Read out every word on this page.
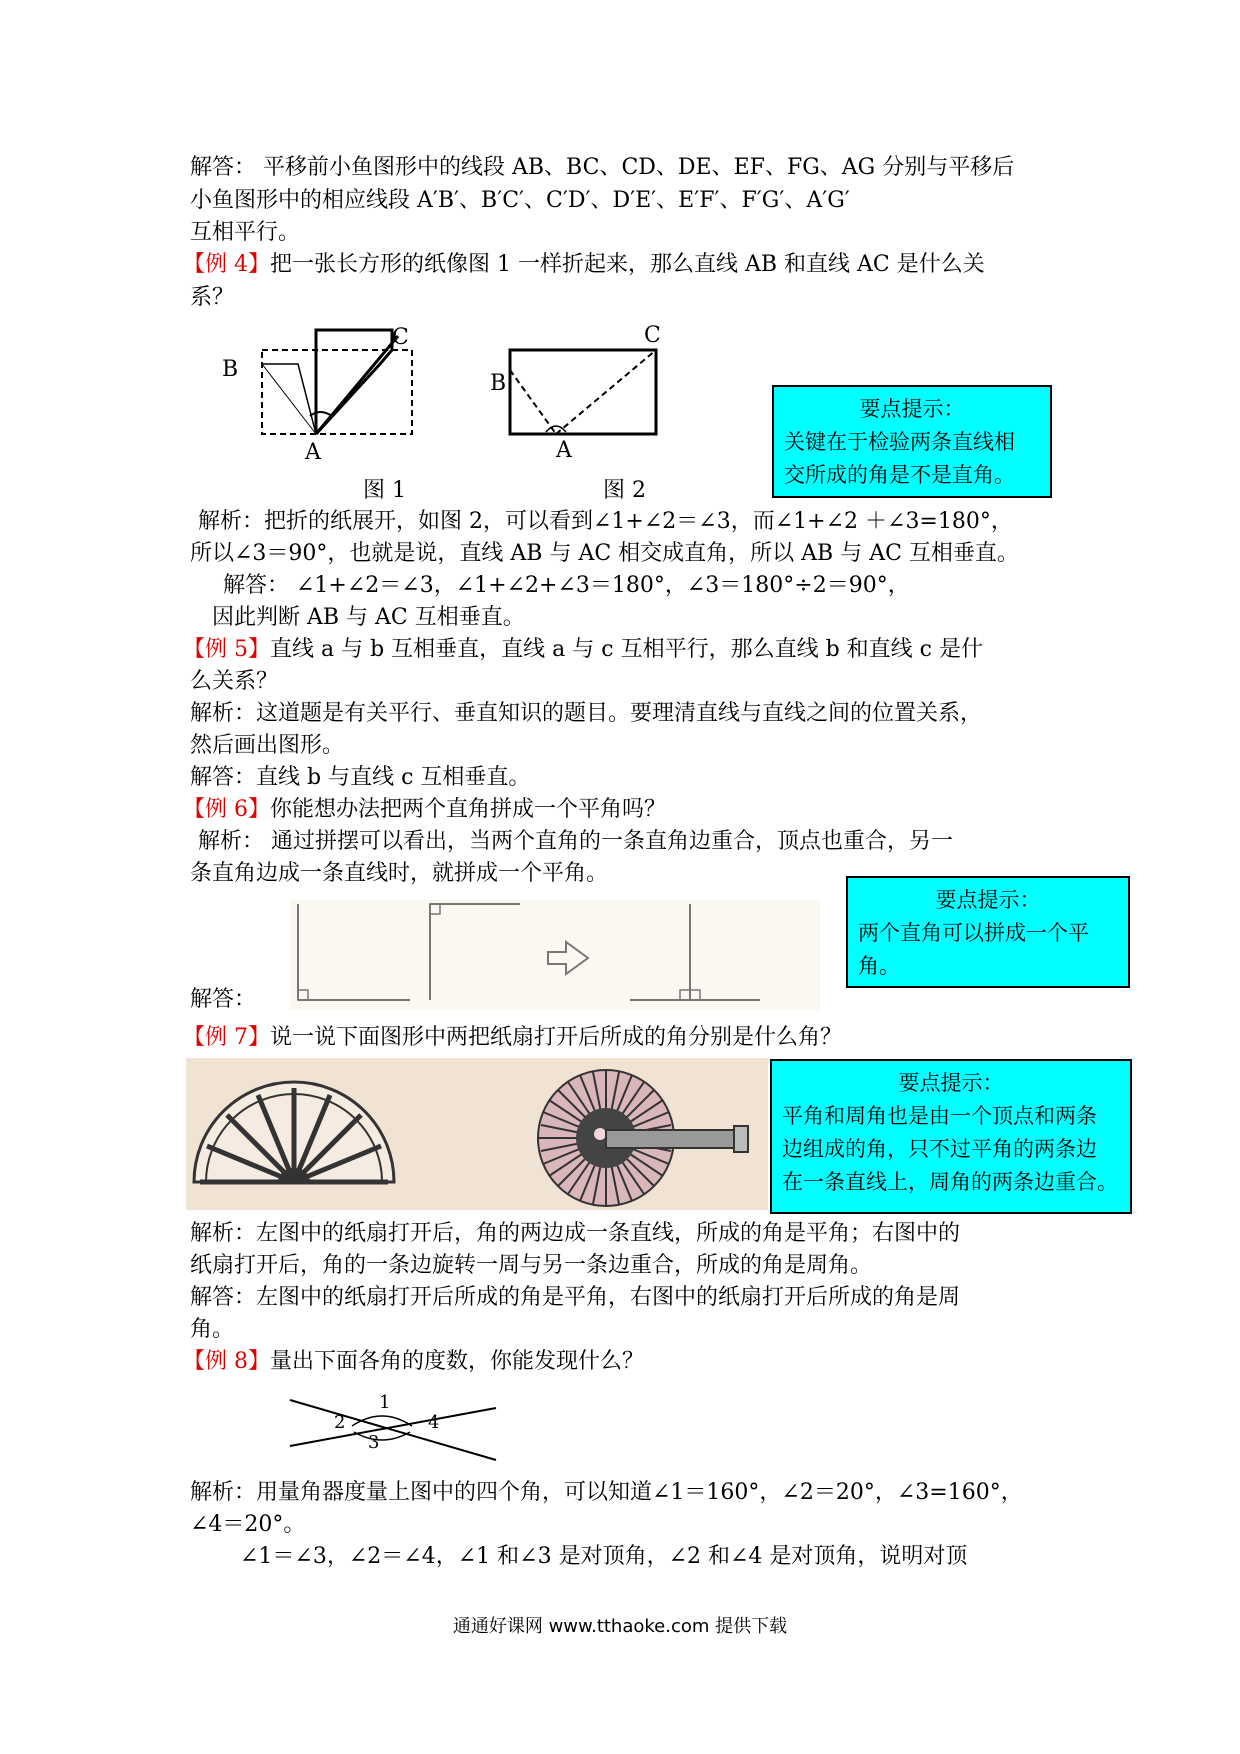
解答： 平移前小鱼图形中的线段 AB、BC、CD、DE、EF、FG、AG 分别与平移后
小鱼图形中的相应线段 A′B′、B′C′、C′D′、D′E′、E′F′、F′G′、A′G′
互相平行。
【例 4】把一张长方形的纸像图 1 一样折起来，那么直线 AB 和直线 AC 是什么关
系？
B
C
A
图 1
B
C
A
图 2
要点提示：
关键在于检验两条直线相
交所成的角是不是直角。
解析：把折的纸展开，如图 2，可以看到∠1+∠2＝∠3，而∠1+∠2 ＋∠3=180°，
所以∠3＝90°，也就是说，直线 AB 与 AC 相交成直角，所以 AB 与 AC 互相垂直。
解答： ∠1+∠2＝∠3，∠1+∠2+∠3＝180°，∠3＝180°÷2＝90°，
因此判断 AB 与 AC 互相垂直。
【例 5】直线 a 与 b 互相垂直，直线 a 与 c 互相平行，那么直线 b 和直线 c 是什
么关系？
解析：这道题是有关平行、垂直知识的题目。要理清直线与直线之间的位置关系，
然后画出图形。
解答：直线 b 与直线 c 互相垂直。
【例 6】你能想办法把两个直角拼成一个平角吗？
解析： 通过拼摆可以看出，当两个直角的一条直角边重合，顶点也重合，另一
条直角边成一条直线时，就拼成一个平角。
解答：
要点提示：
两个直角可以拼成一个平
角。
【例 7】说一说下面图形中两把纸扇打开后所成的角分别是什么角？
要点提示：
平角和周角也是由一个顶点和两条
边组成的角，只不过平角的两条边
在一条直线上，周角的两条边重合。
解析：左图中的纸扇打开后，角的两边成一条直线，所成的角是平角；右图中的
纸扇打开后，角的一条边旋转一周与另一条边重合，所成的角是周角。
解答：左图中的纸扇打开后所成的角是平角，右图中的纸扇打开后所成的角是周
角。
【例 8】量出下面各角的度数，你能发现什么？
1
2
3
4
解析：用量角器度量上图中的四个角，可以知道∠1＝160°，∠2＝20°，∠3=160°，
∠4＝20°。
∠1＝∠3，∠2＝∠4，∠1 和∠3 是对顶角，∠2 和∠4 是对顶角，说明对顶
通通好课网 www.tthaoke.com 提供下载
